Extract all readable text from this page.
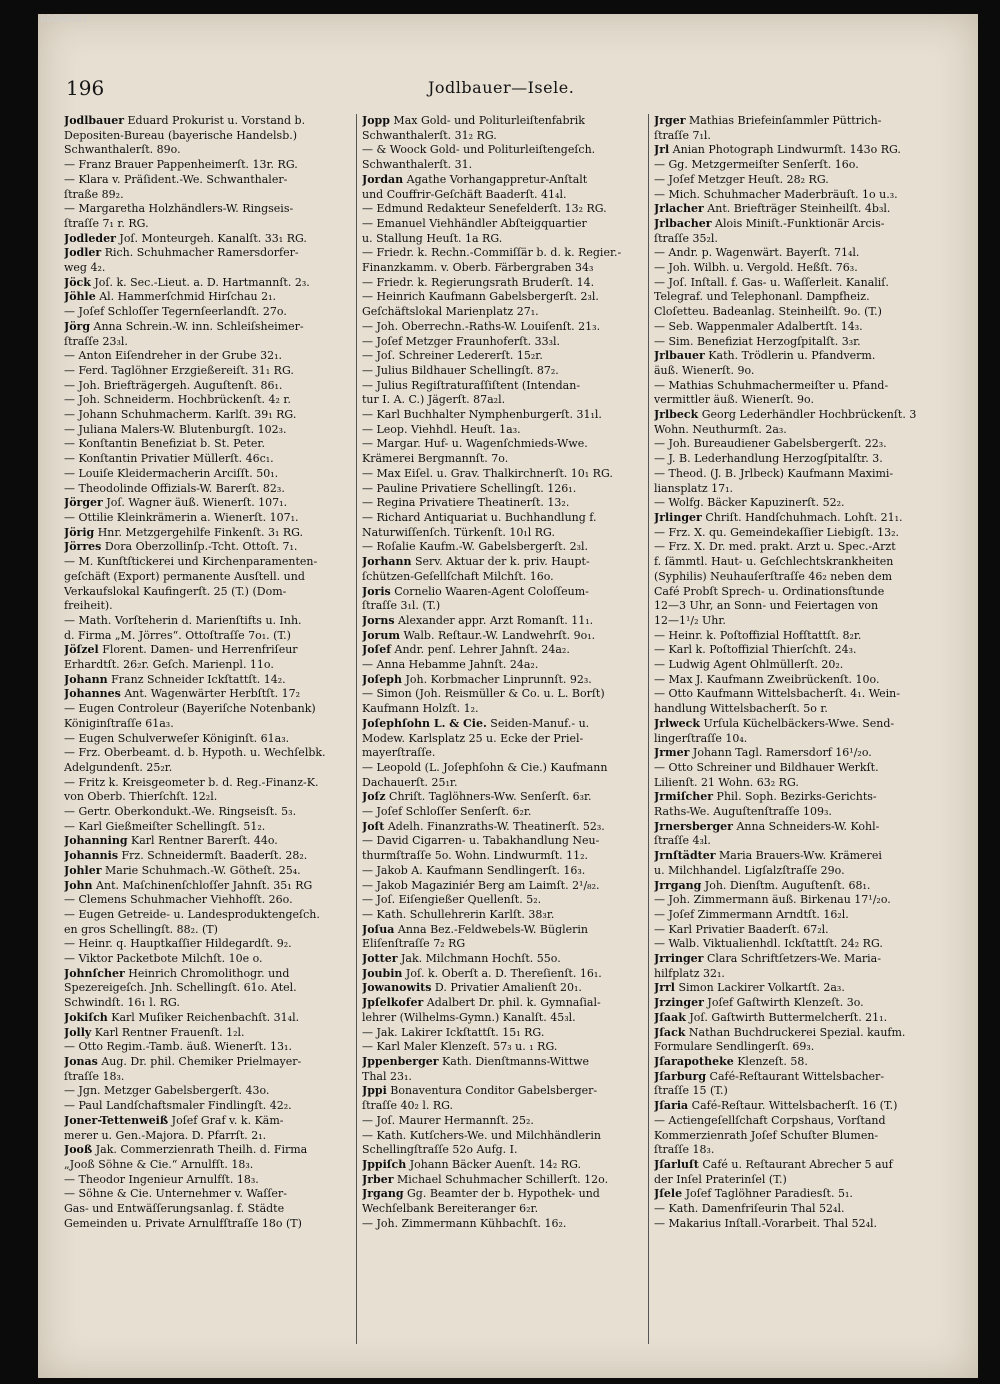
00096547
196	Jodlbauer—Isele.
Jodlbauer Eduard Prokurist u. Vorstand b.
Depositen-Bureau (bayerische Handelsb.)
Schwanthalerſt. 89o.
— Franz Brauer Pappenheimerſt. 13r. RG.
— Klara v. Präſident.-We. Schwanthaler-
ſtraße 89₂.
— Margaretha Holzhändlers-W. Ringseis-
ſtraſſe 7₁ r. RG.
Jodleder Joſ. Monteurgeh. Kanalſt. 33₁ RG.
Jodler Rich. Schuhmacher Ramersdorfer-
weg 4₂.
Jöck Joſ. k. Sec.-Lieut. a. D. Hartmannſt. 2₃.
Jöhle Al. Hammerſchmid Hirſchau 2₁.
— Joſef Schloſſer Tegernſeerlandſt. 27o.
Jörg Anna Schrein.-W. inn. Schleiſsheimer-
ſtraſſe 23₃l.
— Anton Eiſendreher in der Grube 32₁.
— Ferd. Taglöhner Erzgießereiſt. 31₁ RG.
— Joh. Briefträgergeh. Auguſtenſt. 86₁.
— Joh. Schneiderm. Hochbrückenſt. 4₂ r.
— Johann Schuhmacherm. Karlſt. 39₁ RG.
— Juliana Malers-W. Blutenburgſt. 102₃.
— Konſtantin Benefiziat b. St. Peter.
— Konſtantin Privatier Müllerſt. 46c₁.
— Louiſe Kleidermacherin Arciſſt. 50₁.
— Theodolinde Offizials-W. Barerſt. 82₃.
Jörger Joſ. Wagner äuß. Wienerſt. 107₁.
— Ottilie Kleinkrämerin a. Wienerſt. 107₁.
Jörig Hnr. Metzgergehilfe Finkenſt. 3₁ RG.
Jörres Dora Oberzollinſp.-Tcht. Ottoſt. 7₁.
— M. Kunſtſtickerei und Kirchenparamenten-
geſchäft (Export) permanente Ausſtell. und
Verkaufslokal Kaufingerſt. 25 (T.) (Dom-
freiheit).
— Math. Vorſteherin d. Marienſtifts u. Inh.
d. Firma „M. Jörres“. Ottoſtraſſe 7o₁. (T.)
Jöſzel Florent. Damen- und Herrenfriſeur
Erhardtſt. 26₂r. Geſch. Marienpl. 11o.
Johann Franz Schneider Ickſtattſt. 14₂.
Johannes Ant. Wagenwärter Herbſtſt. 17₂
— Eugen Controleur (Bayeriſche Notenbank)
Königinſtraſſe 61a₃.
— Eugen Schulverweſer Königinſt. 61a₃.
— Frz. Oberbeamt. d. b. Hypoth. u. Wechſelbk.
Adelgundenſt. 25₂r.
— Fritz k. Kreisgeometer b. d. Reg.-Finanz-K.
von Oberb. Thierſchſt. 12₂l.
— Gertr. Oberkondukt.-We. Ringseisſt. 5₃.
— Karl Gießmeiſter Schellingſt. 51₂.
Johanning Karl Rentner Barerſt. 44o.
Johannis Frz. Schneidermſt. Baaderſt. 28₂.
Johler Marie Schuhmach.-W. Götheſt. 25₄.
John Ant. Maſchinenſchloſſer Jahnſt. 35₁ RG
— Clemens Schuhmacher Viehhofſt. 26o.
— Eugen Getreide- u. Landesproduktengeſch.
en gros Schellingſt. 88₂. (T)
— Heinr. q. Hauptkaſſier Hildegardſt. 9₂.
— Viktor Packetbote Milchſt. 10e o.
Johnſcher Heinrich Chromolithogr. und
Spezereigeſch. Jnh. Schellingſt. 61o. Atel.
Schwindſt. 16₁ l. RG.
Jokiſch Karl Muſiker Reichenbachſt. 31₄l.
Jolly Karl Rentner Frauenſt. 1₂l.
— Otto Regim.-Tamb. äuß. Wienerſt. 13₁.
Jonas Aug. Dr. phil. Chemiker Prielmayer-
ſtraſſe 18₃.
— Jgn. Metzger Gabelsbergerſt. 43o.
— Paul Landſchaftsmaler Findlingſt. 42₂.
Joner-Tettenweiß Joſef Graf v. k. Käm-
merer u. Gen.-Majora. D. Pfarrſt. 2₁.
Jooß Jak. Commerzienrath Theilh. d. Firma
„Jooß Söhne & Cie.“ Arnulfſt. 18₃.
— Theodor Ingenieur Arnulfſt. 18₃.
— Söhne & Cie. Unternehmer v. Waſſer-
Gas- und Entwäſſerungsanlag. f. Städte
Gemeinden u. Private Arnulfſtraſſe 18o (T)
Jopp Max Gold- und Politurleiſtenfabrik
Schwanthalerſt. 31₂ RG.
— & Woock Gold- und Politurleiſtengeſch.
Schwanthalerſt. 31.
Jordan Agathe Vorhangappretur-Anſtalt
und Couffrir-Geſchäft Baaderſt. 41₄l.
— Edmund Redakteur Senefelderſt. 13₂ RG.
— Emanuel Viehhändler Abſteigquartier
u. Stallung Heuſt. 1a RG.
— Friedr. k. Rechn.-Commiſſär b. d. k. Regier.-
Finanzkamm. v. Oberb. Färbergraben 34₃
— Friedr. k. Regierungsrath Bruderſt. 14.
— Heinrich Kaufmann Gabelsbergerſt. 2₃l.
Geſchäftslokal Marienplatz 27₁.
— Joh. Oberrechn.-Raths-W. Louiſenſt. 21₃.
— Joſef Metzger Fraunhoferſt. 33₃l.
— Joſ. Schreiner Ledererſt. 15₂r.
— Julius Bildhauer Schellingſt. 87₂.
— Julius Regiſtraturaſſiſtent (Intendan-
tur I. A. C.) Jägerſt. 87a₂l.
— Karl Buchhalter Nymphenburgerſt. 31₁l.
— Leop. Viehhdl. Heuſt. 1a₃.
— Margar. Huf- u. Wagenſchmieds-Wwe.
Krämerei Bergmannſt. 7o.
— Max Eiſel. u. Grav. Thalkirchnerſt. 10₁ RG.
— Pauline Privatiere Schellingſt. 126₁.
— Regina Privatiere Theatinerſt. 13₂.
— Richard Antiquariat u. Buchhandlung f.
Naturwiſſenſch. Türkenſt. 10₁l RG.
— Roſalie Kaufm.-W. Gabelsbergerſt. 2₃l.
Jorhann Serv. Aktuar der k. priv. Haupt-
ſchützen-Geſellſchaft Milchſt. 16o.
Joris Cornelio Waaren-Agent Coloſſeum-
ſtraſſe 3₁l. (T.)
Jorns Alexander appr. Arzt Romanſt. 11₁.
Jorum Walb. Reſtaur.-W. Landwehrſt. 9o₁.
Joſef Andr. penſ. Lehrer Jahnſt. 24a₂.
— Anna Hebamme Jahnſt. 24a₂.
Joſeph Joh. Korbmacher Linprunnſt. 92₃.
— Simon (Joh. Reismüller & Co. u. L. Borſt)
Kaufmann Holzſt. 1₂.
Joſephſohn L. & Cie. Seiden-Manuf.- u.
Modew. Karlsplatz 25 u. Ecke der Priel-
mayerſtraſſe.
— Leopold (L. Joſephſohn & Cie.) Kaufmann
Dachauerſt. 25₁r.
Joſz Chriſt. Taglöhners-Ww. Senſerſt. 6₃r.
— Joſef Schloſſer Senſerſt. 6₂r.
Joſt Adelh. Finanzraths-W. Theatinerſt. 52₃.
— David Cigarren- u. Tabakhandlung Neu-
thurmſtraſſe 5o. Wohn. Lindwurmſt. 11₂.
— Jakob A. Kaufmann Sendlingerſt. 16₃.
— Jakob Magaziniér Berg am Laimſt. 2¹/₈₂.
— Joſ. Eiſengießer Quellenſt. 5₂.
— Kath. Schullehrerin Karlſt. 38₃r.
Joſua Anna Bez.-Feldwebels-W. Büglerin
Eliſenſtraſſe 7₂ RG
Jotter Jak. Milchmann Hochſt. 55o.
Joubin Joſ. k. Oberſt a. D. Thereſienſt. 16₁.
Jowanowits D. Privatier Amalienſt 20₁.
Jpſelkofer Adalbert Dr. phil. k. Gymnaſial-
lehrer (Wilhelms-Gymn.) Kanalſt. 45₃l.
— Jak. Lakirer Ickſtattſt. 15₁ RG.
— Karl Maler Klenzeſt. 57₃ u. ₁ RG.
Jppenberger Kath. Dienſtmanns-Wittwe
Thal 23₁.
Jppi Bonaventura Conditor Gabelsberger-
ſtraſſe 40₂ l. RG.
— Joſ. Maurer Hermannſt. 25₂.
— Kath. Kutſchers-We. und Milchhändlerin
Schellingſtraſſe 52o Aufg. I.
Jppiſch Johann Bäcker Auenſt. 14₂ RG.
Jrber Michael Schuhmacher Schillerſt. 12o.
Jrgang Gg. Beamter der b. Hypothek- und
Wechſelbank Bereiteranger 6₂r.
— Joh. Zimmermann Kühbachſt. 16₂.
Jrger Mathias Briefeinſammler Püttrich-
ſtraſſe 7₁l.
Jrl Anian Photograph Lindwurmſt. 143o RG.
— Gg. Metzgermeiſter Senſerſt. 16o.
— Joſef Metzger Heuſt. 28₂ RG.
— Mich. Schuhmacher Maderbräuſt. 1o u.₃.
Jrlacher Ant. Briefträger Steinheilſt. 4b₃l.
Jrlbacher Alois Miniſt.-Funktionär Arcis-
ſtraſſe 35₂l.
— Andr. p. Wagenwärt. Bayerſt. 71₄l.
— Joh. Wilbh. u. Vergold. Heßſt. 76₃.
— Joſ. Inſtall. f. Gas- u. Waſſerleit. Kanaliſ.
Telegraf. und Telephonanl. Dampfheiz.
Cloſetteu. Badeanlag. Steinheilſt. 9o. (T.)
— Seb. Wappenmaler Adalbertſt. 14₃.
— Sim. Benefiziat Herzogſpitalſt. 3₃r.
Jrlbauer Kath. Trödlerin u. Pfandverm.
äuß. Wienerſt. 9o.
— Mathias Schuhmachermeiſter u. Pfand-
vermittler äuß. Wienerſt. 9o.
Jrlbeck Georg Lederhändler Hochbrückenſt. 3
Wohn. Neuthurmſt. 2a₃.
— Joh. Bureaudiener Gabelsbergerſt. 22₃.
— J. B. Lederhandlung Herzogſpitalſtr. 3.
— Theod. (J. B. Jrlbeck) Kaufmann Maximi-
liansplatz 17₁.
— Wolfg. Bäcker Kapuzinerſt. 52₂.
Jrlinger Chriſt. Handſchuhmach. Lohſt. 21₁.
— Frz. X. qu. Gemeindekaſſier Liebigſt. 13₂.
— Frz. X. Dr. med. prakt. Arzt u. Spec.-Arzt
f. ſämmtl. Haut- u. Geſchlechtskrankheiten
(Syphilis) Neuhauſerſtraſſe 46₂ neben dem
Café Probſt Sprech- u. Ordinationsſtunde
12—3 Uhr, an Sonn- und Feiertagen von
12—1¹/₂ Uhr.
— Heinr. k. Poſtoffizial Hofſtattſt. 8₂r.
— Karl k. Poſtoffizial Thierſchſt. 24₃.
— Ludwig Agent Ohlmüllerſt. 20₂.
— Max J. Kaufmann Zweibrückenſt. 10o.
— Otto Kaufmann Wittelsbacherſt. 4₁. Wein-
handlung Wittelsbacherſt. 5o r.
Jrlweck Urſula Küchelbäckers-Wwe. Send-
lingerſtraſſe 10₄.
Jrmer Johann Tagl. Ramersdorf 16¹/₂o.
— Otto Schreiner und Bildhauer Werkſt.
Lilienſt. 21 Wohn. 63₂ RG.
Jrmiſcher Phil. Soph. Bezirks-Gerichts-
Raths-We. Auguſtenſtraſſe 109₃.
Jrnersberger Anna Schneiders-W. Kohl-
ſtraſſe 4₃l.
Jrnſtädter Maria Brauers-Ww. Krämerei
u. Milchhandel. Ligſalzſtraſſe 29o.
Jrrgang Joh. Dienſtm. Auguſtenſt. 68₁.
— Joh. Zimmermann äuß. Birkenau 17¹/₂o.
— Joſef Zimmermann Arndtſt. 16₂l.
— Karl Privatier Baaderſt. 67₂l.
— Walb. Viktualienhdl. Ickſtattſt. 24₂ RG.
Jrringer Clara Schriftſetzers-We. Maria-
hilfplatz 32₁.
Jrrl Simon Lackirer Volkartſt. 2a₃.
Jrzinger Joſef Gaſtwirth Klenzeſt. 3o.
Jſaak Joſ. Gaſtwirth Buttermelcherſt. 21₁.
Jſack Nathan Buchdruckerei Spezial. kaufm.
Formulare Sendlingerſt. 69₃.
Jſarapotheke Klenzeſt. 58.
Jſarburg Café-Reſtaurant Wittelsbacher-
ſtraſſe 15 (T.)
Jſaria Café-Reſtaur. Wittelsbacherſt. 16 (T.)
— Actiengeſellſchaft Corpshaus, Vorſtand
Kommerzienrath Joſef Schuſter Blumen-
ſtraſſe 18₃.
Jſarluſt Café u. Reſtaurant Abrecher 5 auf
der Inſel Praterinſel (T.)
Jſele Joſef Taglöhner Paradiesſt. 5₁.
— Kath. Damenfriſeurin Thal 52₄l.
— Makarius Inſtall.-Vorarbeit. Thal 52₄l.
